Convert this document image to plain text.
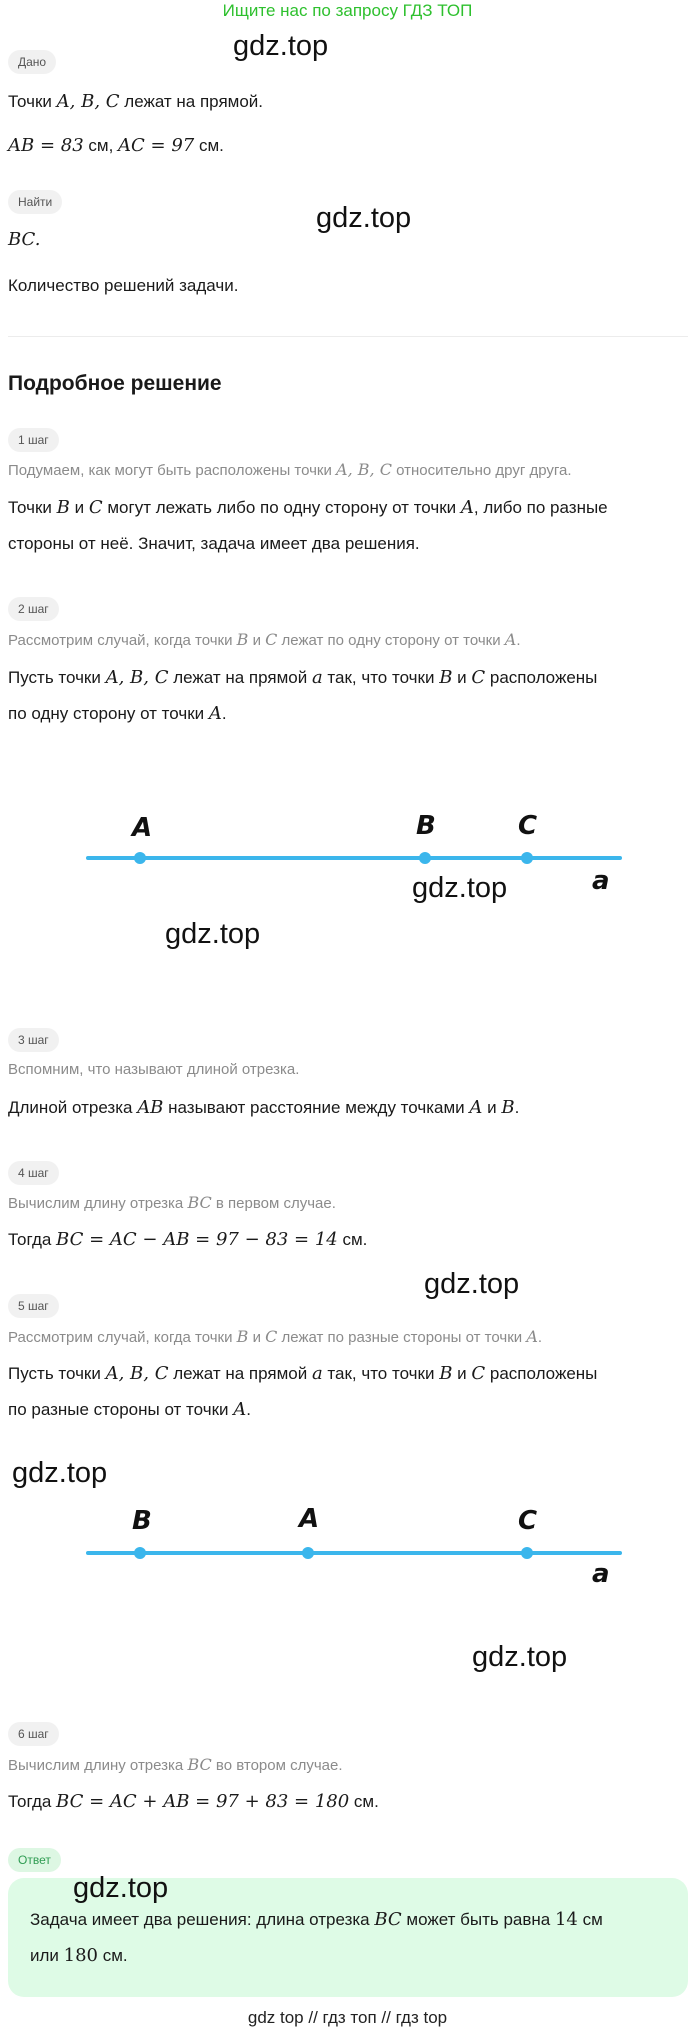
Ищите нас по запросу ГДЗ ТОП
gdz.top
gdz.top
gdz.top
gdz.top
gdz.top
gdz.top
gdz.top
Дано
Точки A, B, C лежат на прямой.
AB = 83 см, AC = 97 см.
Найти
BC.
Количество решений задачи.
Подробное решение
1 шаг
Подумаем, как могут быть расположены точки A, B, C относительно друг друга.
Точки B и C могут лежать либо по одну сторону от точки A, либо по разные
стороны от неё. Значит, задача имеет два решения.
2 шаг
Рассмотрим случай, когда точки B и C лежат по одну сторону от точки A.
Пусть точки A, B, C лежат на прямой a так, что точки B и C расположены
по одну сторону от точки A.
A	B	C
a
3 шаг
Вспомним, что называют длиной отрезка.
Длиной отрезка AB называют расстояние между точками A и B.
4 шаг
Вычислим длину отрезка BC в первом случае.
Тогда BC = AC − AB = 97 − 83 = 14 см.
5 шаг
Рассмотрим случай, когда точки B и C лежат по разные стороны от точки A.
Пусть точки A, B, C лежат на прямой a так, что точки B и C расположены
по разные стороны от точки A.
B	A	C
a
6 шаг
Вычислим длину отрезка BC во втором случае.
Тогда BC = AC + AB = 97 + 83 = 180 см.
Ответ
gdz.top
Задача имеет два решения: длина отрезка BC может быть равна 14 см
или 180 см.
gdz top // гдз топ // гдз top
